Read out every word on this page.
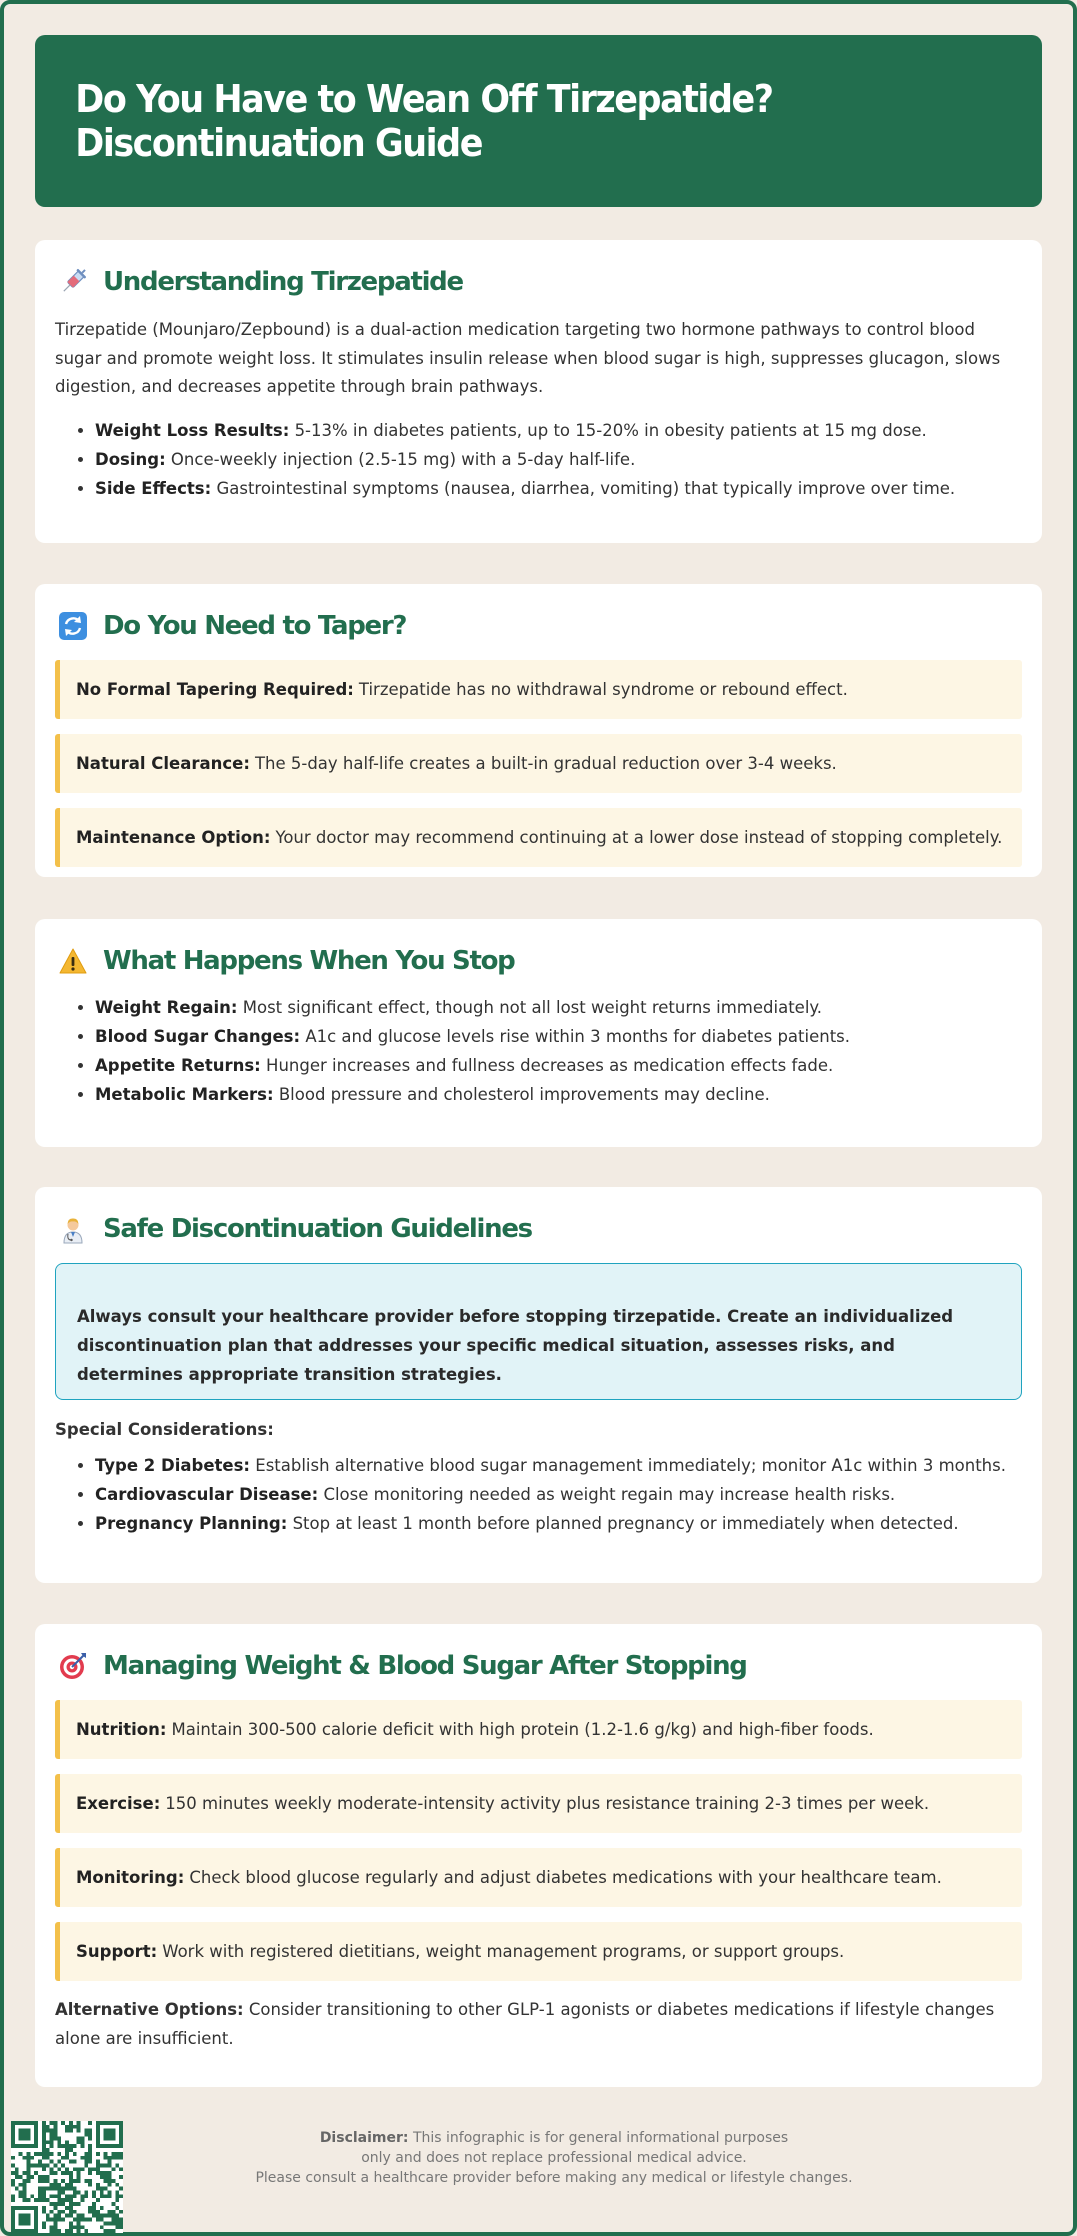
Do You Have to Wean Off Tirzepatide? Discontinuation Guide
Understanding Tirzepatide

Tirzepatide (Mounjaro/Zepbound) is a dual-action medication targeting two hormone pathways to control blood sugar and promote weight loss. It stimulates insulin release when blood sugar is high, suppresses glucagon, slows digestion, and decreases appetite through brain pathways.

• Weight Loss Results: 5-13% in diabetes patients, up to 15-20% in obesity patients at 15 mg dose.
• Dosing: Once-weekly injection (2.5-15 mg) with a 5-day half-life.
• Side Effects: Gastrointestinal symptoms (nausea, diarrhea, vomiting) that typically improve over time.
Do You Need to Taper?
No Formal Tapering Required: Tirzepatide has no withdrawal syndrome or rebound effect.
Natural Clearance: The 5-day half-life creates a built-in gradual reduction over 3-4 weeks.
Maintenance Option: Your doctor may recommend continuing at a lower dose instead of stopping completely.
What Happens When You Stop
• Weight Regain: Most significant effect, though not all lost weight returns immediately.
• Blood Sugar Changes: A1c and glucose levels rise within 3 months for diabetes patients.
• Appetite Returns: Hunger increases and fullness decreases as medication effects fade.
• Metabolic Markers: Blood pressure and cholesterol improvements may decline.
Safe Discontinuation Guidelines
Always consult your healthcare provider before stopping tirzepatide. Create an individualized discontinuation plan that addresses your specific medical situation, assesses risks, and determines appropriate transition strategies.
Special Considerations:
• Type 2 Diabetes: Establish alternative blood sugar management immediately; monitor A1c within 3 months.
• Cardiovascular Disease: Close monitoring needed as weight regain may increase health risks.
• Pregnancy Planning: Stop at least 1 month before planned pregnancy or immediately when detected.
Managing Weight & Blood Sugar After Stopping
Nutrition: Maintain 300-500 calorie deficit with high protein (1.2-1.6 g/kg) and high-fiber foods.
Exercise: 150 minutes weekly moderate-intensity activity plus resistance training 2-3 times per week.
Monitoring: Check blood glucose regularly and adjust diabetes medications with your healthcare team.
Support: Work with registered dietitians, weight management programs, or support groups.

Alternative Options: Consider transitioning to other GLP-1 agonists or diabetes medications if lifestyle changes alone are insufficient.

Disclaimer: This infographic is for general informational purposes
only and does not replace professional medical advice.
Please consult a healthcare provider before making any medical or lifestyle changes.
